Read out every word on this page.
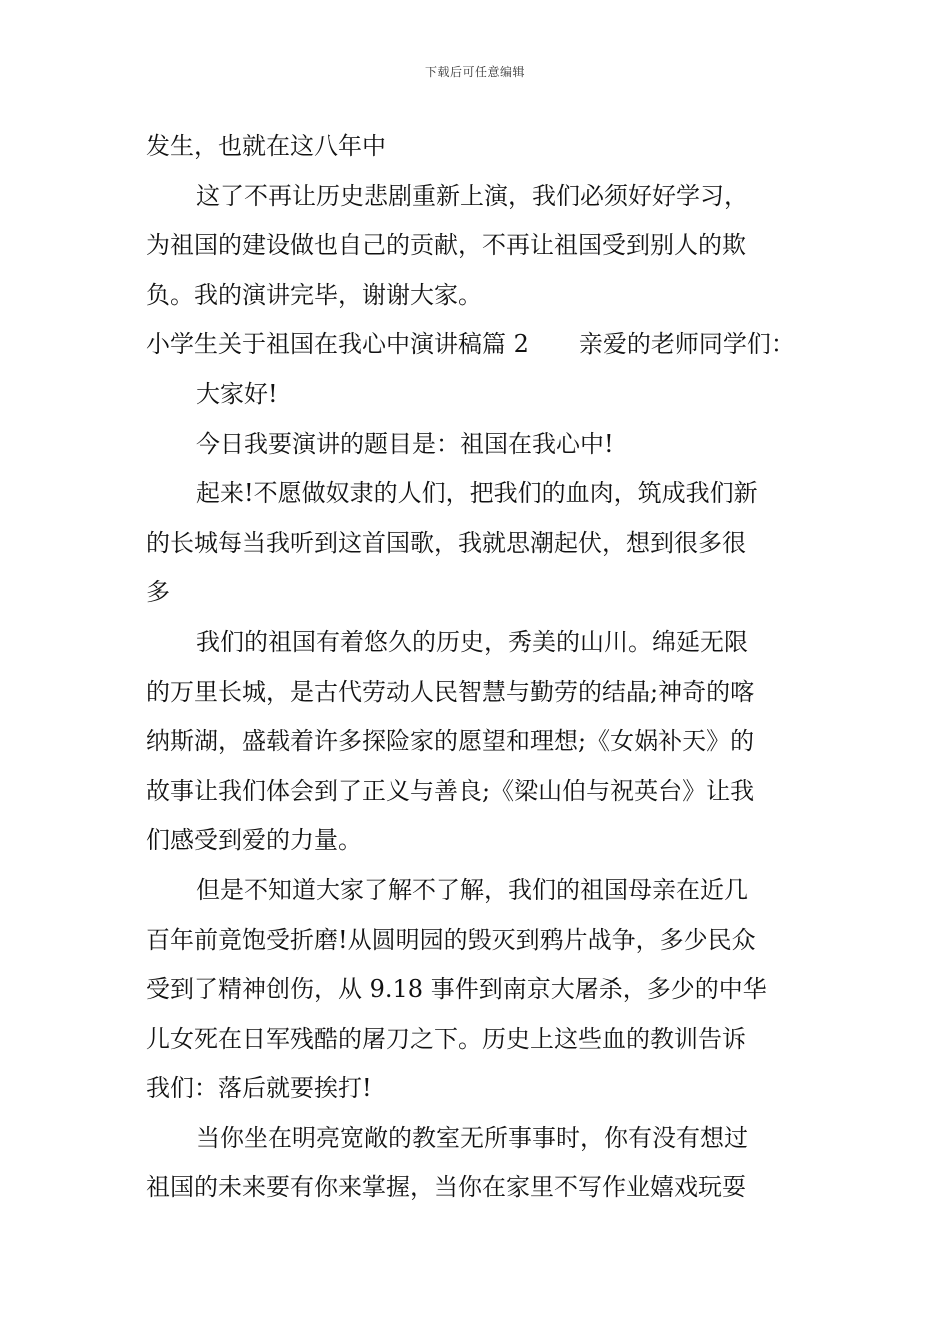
下载后可任意编辑
发生，也就在这八年中
这了不再让历史悲剧重新上演，我们必须好好学习，
为祖国的建设做也自己的贡献，不再让祖国受到别人的欺
负。我的演讲完毕，谢谢大家。
小学生关于祖国在我心中演讲稿篇 2 亲爱的老师同学们：
大家好!
今日我要演讲的题目是：祖国在我心中!
起来!不愿做奴隶的人们，把我们的血肉，筑成我们新
的长城每当我听到这首国歌，我就思潮起伏，想到很多很
多
我们的祖国有着悠久的历史，秀美的山川。绵延无限
的万里长城，是古代劳动人民智慧与勤劳的结晶;神奇的喀
纳斯湖，盛载着许多探险家的愿望和理想;《女娲补天》的
故事让我们体会到了正义与善良;《梁山伯与祝英台》让我
们感受到爱的力量。
但是不知道大家了解不了解，我们的祖国母亲在近几
百年前竟饱受折磨!从圆明园的毁灭到鸦片战争，多少民众
受到了精神创伤，从 9.18 事件到南京大屠杀，多少的中华
儿女死在日军残酷的屠刀之下。历史上这些血的教训告诉
我们：落后就要挨打!
当你坐在明亮宽敞的教室无所事事时，你有没有想过
祖国的未来要有你来掌握，当你在家里不写作业嬉戏玩耍
